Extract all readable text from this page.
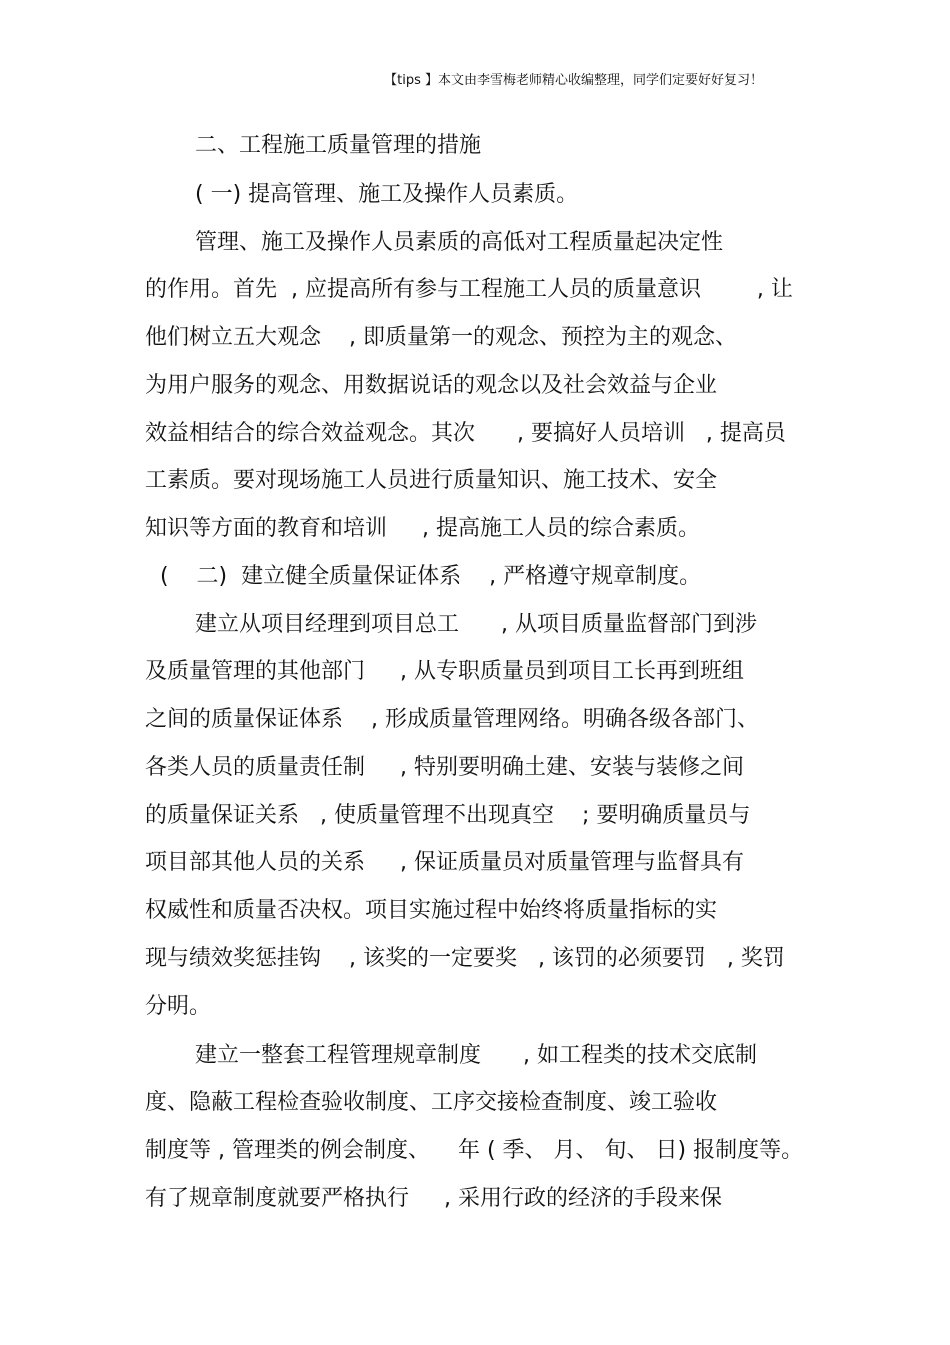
【tips 】本文由李雪梅老师精心收编整理，同学们定要好好复习！
二、工程施工质量管理的措施
( 一) 提高管理、施工及操作人员素质。
管理、施工及操作人员素质的高低对工程质量起决定性
的作用。首先  , 应提高所有参与工程施工人员的质量意识        , 让
他们树立五大观念    , 即质量第一的观念、预控为主的观念、
为用户服务的观念、用数据说话的观念以及社会效益与企业
效益相结合的综合效益观念。其次      , 要搞好人员培训   , 提高员
工素质。要对现场施工人员进行质量知识、施工技术、安全
知识等方面的教育和培训     , 提高施工人员的综合素质。
(    二)  建立健全质量保证体系    , 严格遵守规章制度。
建立从项目经理到项目总工      , 从项目质量监督部门到涉
及质量管理的其他部门     , 从专职质量员到项目工长再到班组
之间的质量保证体系    , 形成质量管理网络。明确各级各部门、
各类人员的质量责任制     , 特别要明确土建、安装与装修之间
的质量保证关系   , 使质量管理不出现真空    ; 要明确质量员与
项目部其他人员的关系     , 保证质量员对质量管理与监督具有
权威性和质量否决权。项目实施过程中始终将质量指标的实
现与绩效奖惩挂钩    , 该奖的一定要奖   , 该罚的必须要罚   , 奖罚
分明。
建立一整套工程管理规章制度      , 如工程类的技术交底制
度、隐蔽工程检查验收制度、工序交接检查制度、竣工验收
制度等 , 管理类的例会制度、    年 ( 季、 月、 旬、 日) 报制度等。
有了规章制度就要严格执行     , 采用行政的经济的手段来保
